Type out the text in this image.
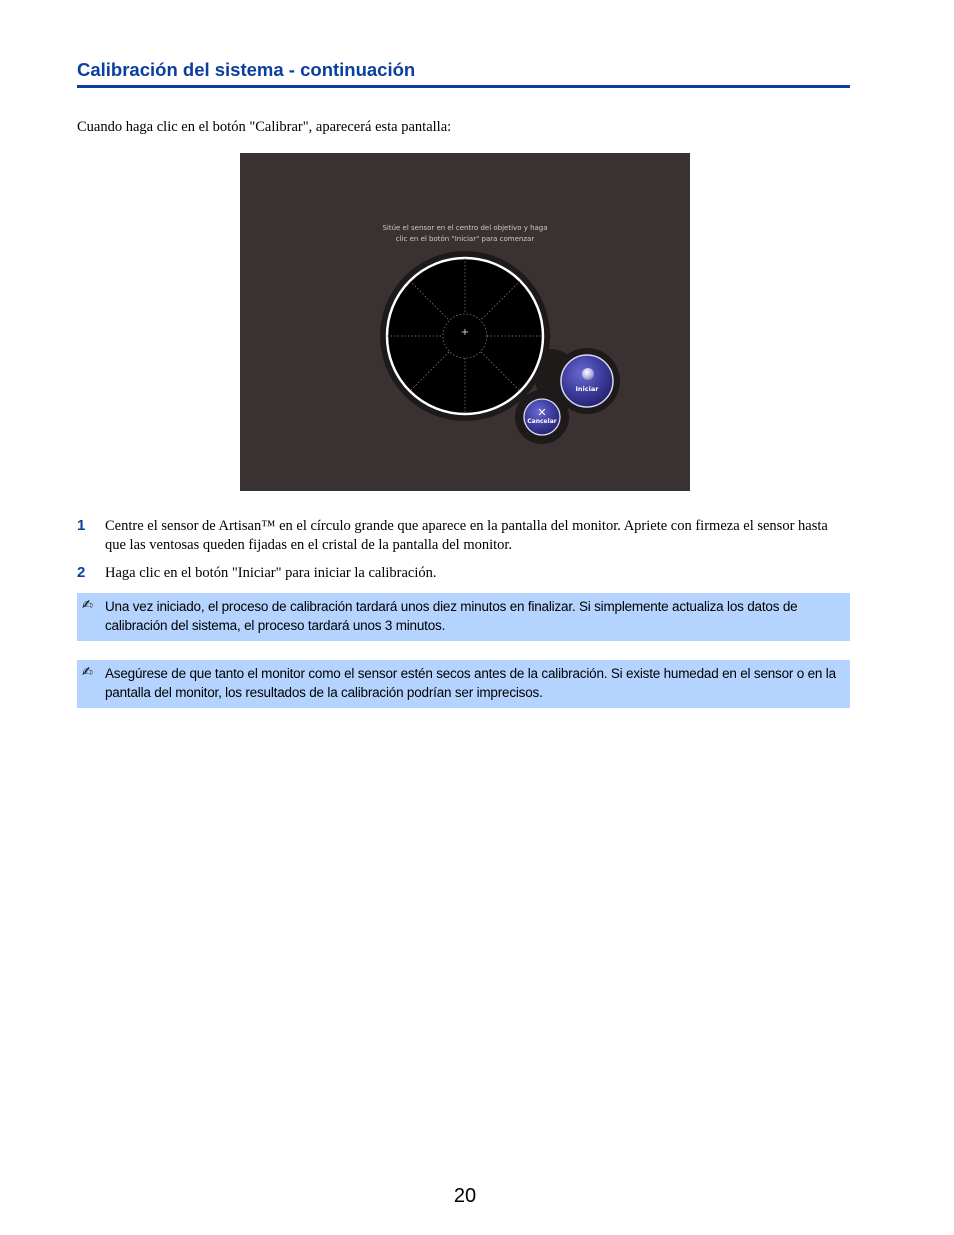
Calibración del sistema - continuación
Cuando haga clic en el botón "Calibrar", aparecerá esta pantalla:
Sitúe el sensor en el centro del objetivo y haga
clic en el botón "Iniciar" para comenzar
+
Iniciar
✕
Cancelar
1 Centre el sensor de Artisan™ en el círculo grande que aparece en la pantalla del monitor. Apriete con firmeza el sensor hasta que las ventosas queden fijadas en el cristal de la pantalla del monitor.
2 Haga clic en el botón "Iniciar" para iniciar la calibración.
✍ Una vez iniciado, el proceso de calibración tardará unos diez minutos en finalizar. Si simplemente actualiza los datos de calibración del sistema, el proceso tardará unos 3 minutos.
✍ Asegúrese de que tanto el monitor como el sensor estén secos antes de la calibración. Si existe humedad en el sensor o en la pantalla del monitor, los resultados de la calibración podrían ser imprecisos.
20
